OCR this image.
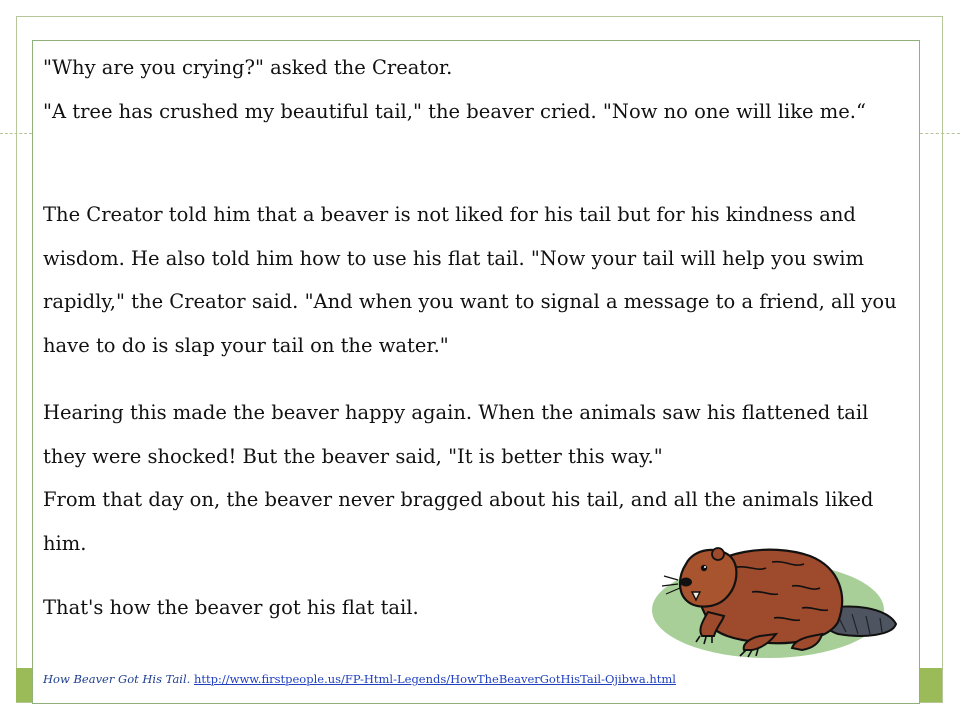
"Why are you crying?" asked the Creator.
"A tree has crushed my beautiful tail," the beaver cried. "Now no one will like me.“

The Creator told him that a beaver is not liked for his tail but for his kindness and wisdom. He also told him how to use his flat tail. "Now your tail will help you swim rapidly," the Creator said. "And when you want to signal a message to a friend, all you have to do is slap your tail on the water."

Hearing this made the beaver happy again. When the animals saw his flattened tail they were shocked! But the beaver said, "It is better this way."
From that day on, the beaver never bragged about his tail, and all the animals liked him.

That's how the beaver got his flat tail.

How Beaver Got His Tail. http://www.firstpeople.us/FP-Html-Legends/HowTheBeaverGotHisTail-Ojibwa.html
